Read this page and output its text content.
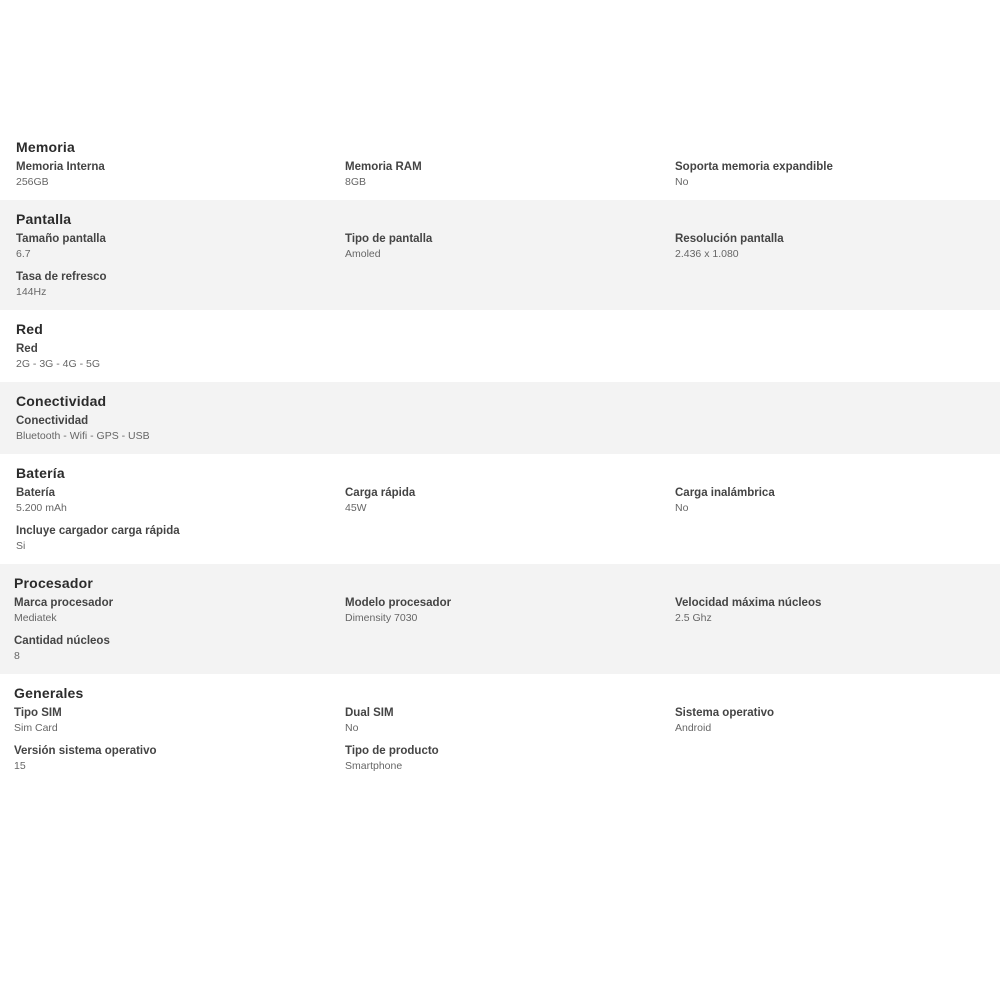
Memoria
Memoria Interna
256GB
Memoria RAM
8GB
Soporta memoria expandible
No
Pantalla
Tamaño pantalla
6.7
Tipo de pantalla
Amoled
Resolución pantalla
2.436 x 1.080
Tasa de refresco
144Hz
Red
Red
2G - 3G - 4G - 5G
Conectividad
Conectividad
Bluetooth - Wifi - GPS - USB
Batería
Batería
5.200 mAh
Carga rápida
45W
Carga inalámbrica
No
Incluye cargador carga rápida
Si
Procesador
Marca procesador
Mediatek
Modelo procesador
Dimensity 7030
Velocidad máxima núcleos
2.5 Ghz
Cantidad núcleos
8
Generales
Tipo SIM
Sim Card
Dual SIM
No
Sistema operativo
Android
Versión sistema operativo
15
Tipo de producto
Smartphone
